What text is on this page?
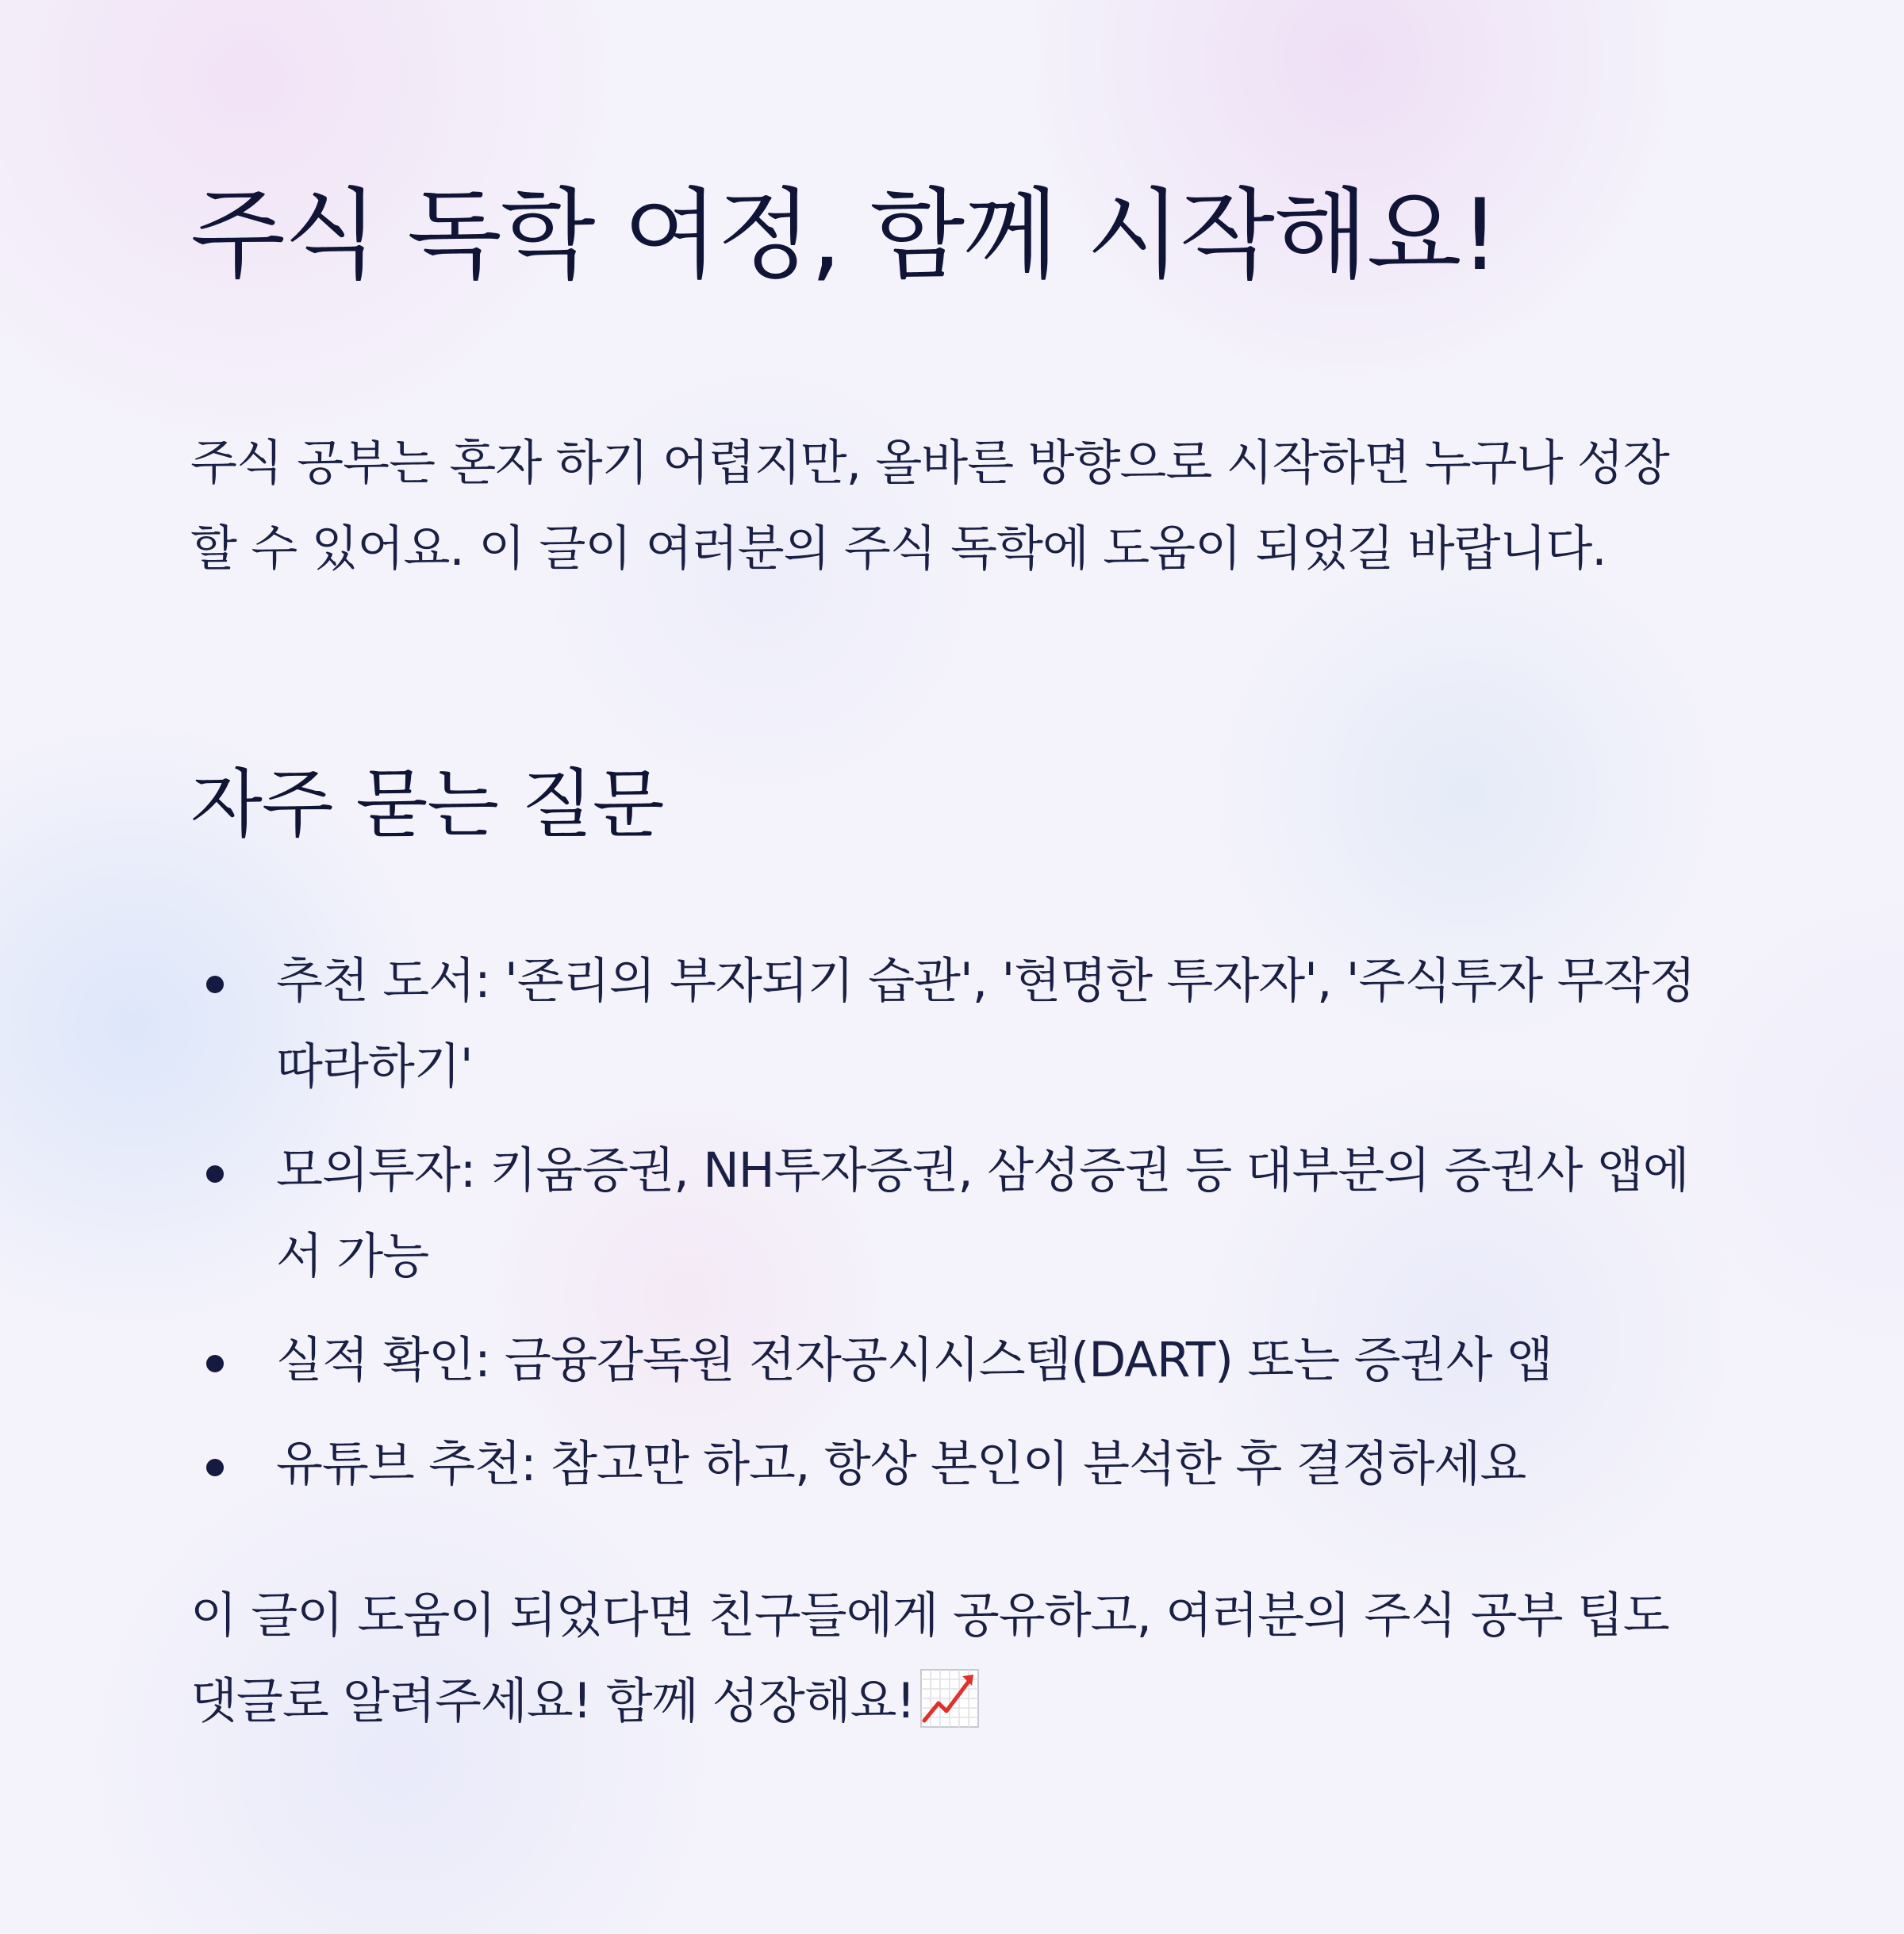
주식 독학 여정, 함께 시작해요!

주식 공부는 혼자 하기 어렵지만, 올바른 방향으로 시작하면 누구나 성장할 수 있어요. 이 글이 여러분의 주식 독학에 도움이 되었길 바랍니다.

자주 묻는 질문
추천 도서: '존리의 부자되기 습관', '현명한 투자자', '주식투자 무작정 따라하기'
모의투자: 키움증권, NH투자증권, 삼성증권 등 대부분의 증권사 앱에서 가능
실적 확인: 금융감독원 전자공시시스템(DART) 또는 증권사 앱
유튜브 추천: 참고만 하고, 항상 본인이 분석한 후 결정하세요

이 글이 도움이 되었다면 친구들에게 공유하고, 여러분의 주식 공부 팁도 댓글로 알려주세요! 함께 성장해요!
